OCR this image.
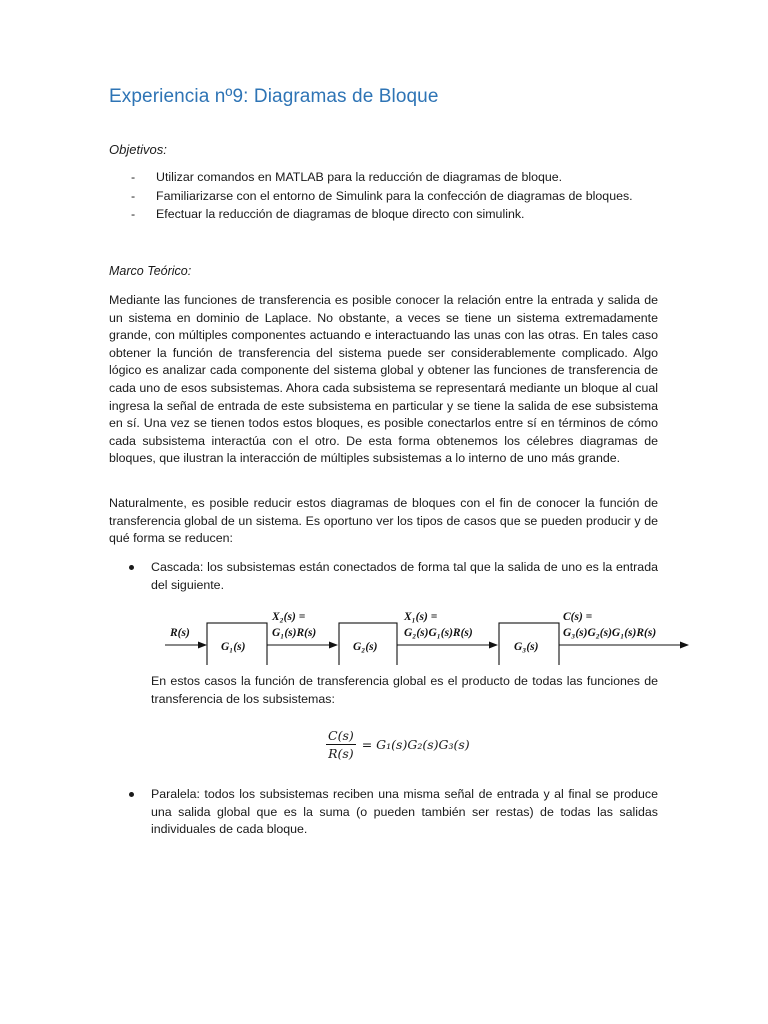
Experiencia nº9: Diagramas de Bloque

Objetivos:

- Utilizar comandos en MATLAB para la reducción de diagramas de bloque.
- Familiarizarse con el entorno de Simulink para la confección de diagramas de bloques.
- Efectuar la reducción de diagramas de bloque directo con simulink.

Marco Teórico:

Mediante las funciones de transferencia es posible conocer la relación entre la entrada y salida de un sistema en dominio de Laplace. No obstante, a veces se tiene un sistema extremadamente grande, con múltiples componentes actuando e interactuando las unas con las otras. En tales caso obtener la función de transferencia del sistema puede ser considerablemente complicado. Algo lógico es analizar cada componente del sistema global y obtener las funciones de transferencia de cada uno de esos subsistemas. Ahora cada subsistema se representará mediante un bloque al cual ingresa la señal de entrada de este subsistema en particular y se tiene la salida de ese subsistema en sí. Una vez se tienen todos estos bloques, es posible conectarlos entre sí en términos de cómo cada subsistema interactúa con el otro. De esta forma obtenemos los célebres diagramas de bloques, que ilustran la interacción de múltiples subsistemas a lo interno de uno más grande.

Naturalmente, es posible reducir estos diagramas de bloques con el fin de conocer la función de transferencia global de un sistema. Es oportuno ver los tipos de casos que se pueden producir y de qué forma se reducen:

Cascada: los subsistemas están conectados de forma tal que la salida de uno es la entrada del siguiente.

R(s)
G₁(s)
X₂(s) =
G₁(s)R(s)
G₂(s)
X₁(s) =
G₂(s)G₁(s)R(s)
G₃(s)
C(s) =
G₃(s)G₂(s)G₁(s)R(s)

En estos casos la función de transferencia global es el producto de todas las funciones de transferencia de los subsistemas:

$\frac{C(s)}{R(s)} = G_1(s)G_2(s)G_3(s)$

Paralela: todos los subsistemas reciben una misma señal de entrada y al final se produce una salida global que es la suma (o pueden también ser restas) de todas las salidas individuales de cada bloque.
